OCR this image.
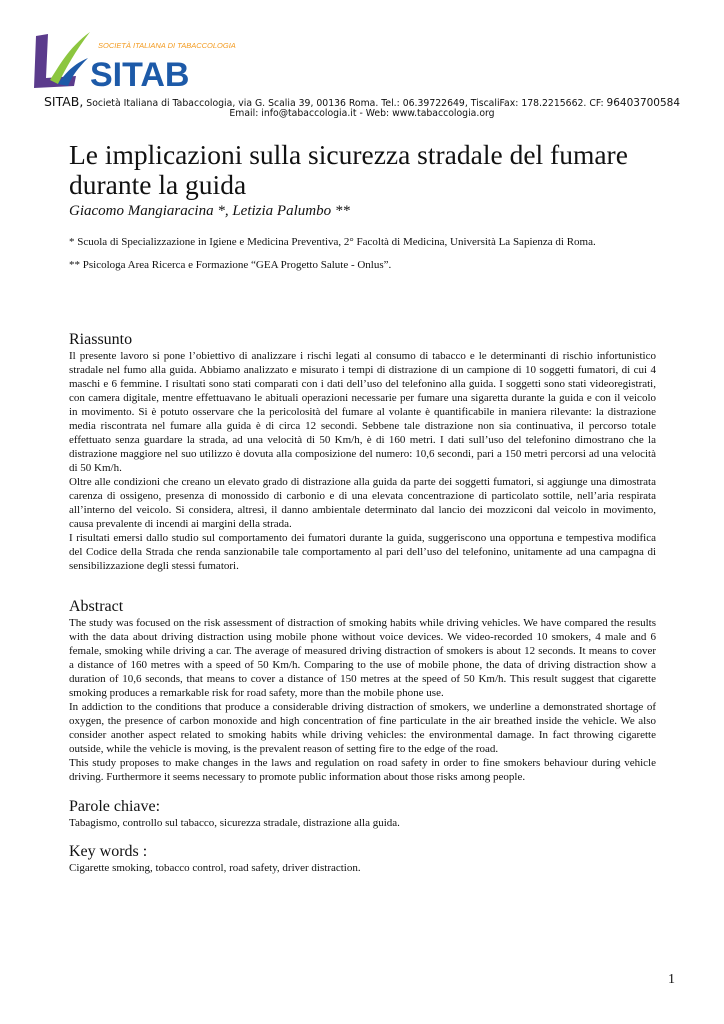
SOCIETÀ ITALIANA DI TABACCOLOGIA
SITAB
SITAB, Società Italiana di Tabaccologia, via G. Scalia 39, 00136 Roma. Tel.: 06.39722649, TiscaliFax: 178.2215662. CF: 96403700584
Email: info@tabaccologia.it - Web: www.tabaccologia.org
Le implicazioni sulla sicurezza stradale del fumare durante la guida
Giacomo Mangiaracina *, Letizia Palumbo **
* Scuola di Specializzazione in Igiene e Medicina Preventiva, 2° Facoltà di Medicina, Università La Sapienza di Roma.
** Psicologa Area Ricerca e Formazione “GEA Progetto Salute - Onlus”.
Riassunto

Il presente lavoro si pone l’obiettivo di analizzare i rischi legati al consumo di tabacco e le determinanti di rischio infortunistico stradale nel fumo alla guida. Abbiamo analizzato e misurato i tempi di distrazione di un campione di 10 soggetti fumatori, di cui 4 maschi e 6 femmine. I risultati sono stati comparati con i dati dell’uso del telefonino alla guida. I soggetti sono stati videoregistrati, con camera digitale, mentre effettuavano le abituali operazioni necessarie per fumare una sigaretta durante la guida e con il veicolo in movimento. Si è potuto osservare che la pericolosità del fumare al volante è quantificabile in maniera rilevante: la distrazione media riscontrata nel fumare alla guida è di circa 12 secondi. Sebbene tale distrazione non sia continuativa, il percorso totale effettuato senza guardare la strada, ad una velocità di 50 Km/h, è di 160 metri. I dati sull’uso del telefonino dimostrano che la distrazione maggiore nel suo utilizzo è dovuta alla composizione del numero: 10,6 secondi, pari a 150 metri percorsi ad una velocità di 50 Km/h.

Oltre alle condizioni che creano un elevato grado di distrazione alla guida da parte dei soggetti fumatori, si aggiunge una dimostrata carenza di ossigeno, presenza di monossido di carbonio e di una elevata concentrazione di particolato sottile, nell’aria respirata all’interno del veicolo. Si considera, altresì, il danno ambientale determinato dal lancio dei mozziconi dal veicolo in movimento, causa prevalente di incendi ai margini della strada.

I risultati emersi dallo studio sul comportamento dei fumatori durante la guida, suggeriscono una opportuna e tempestiva modifica del Codice della Strada che renda sanzionabile tale comportamento al pari dell’uso del telefonino, unitamente ad una campagna di sensibilizzazione degli stessi fumatori.

Abstract

The study was focused on the risk assessment of distraction of smoking habits while driving vehicles. We have compared the results with the data about driving distraction using mobile phone without voice devices. We video-recorded 10 smokers, 4 male and 6 female, smoking while driving a car. The average of measured driving distraction of smokers is about 12 seconds. It means to cover a distance of 160 metres with a speed of 50 Km/h. Comparing to the use of mobile phone, the data of driving distraction show a duration of 10,6 seconds, that means to cover a distance of 150 metres at the speed of 50 Km/h. This result suggest that cigarette smoking produces a remarkable risk for road safety, more than the mobile phone use.

In addiction to the conditions that produce a considerable driving distraction of smokers, we underline a demonstrated shortage of oxygen, the presence of carbon monoxide and high concentration of fine particulate in the air breathed inside the vehicle. We also consider another aspect related to smoking habits while driving vehicles: the environmental damage. In fact throwing cigarette outside, while the vehicle is moving, is the prevalent reason of setting fire to the edge of the road.

This study proposes to make changes in the laws and regulation on road safety in order to fine smokers behaviour during vehicle driving. Furthermore it seems necessary to promote public information about those risks among people.

Parole chiave:

Tabagismo, controllo sul tabacco, sicurezza stradale, distrazione alla guida.

Key words :

Cigarette smoking, tobacco control, road safety, driver distraction.

1
